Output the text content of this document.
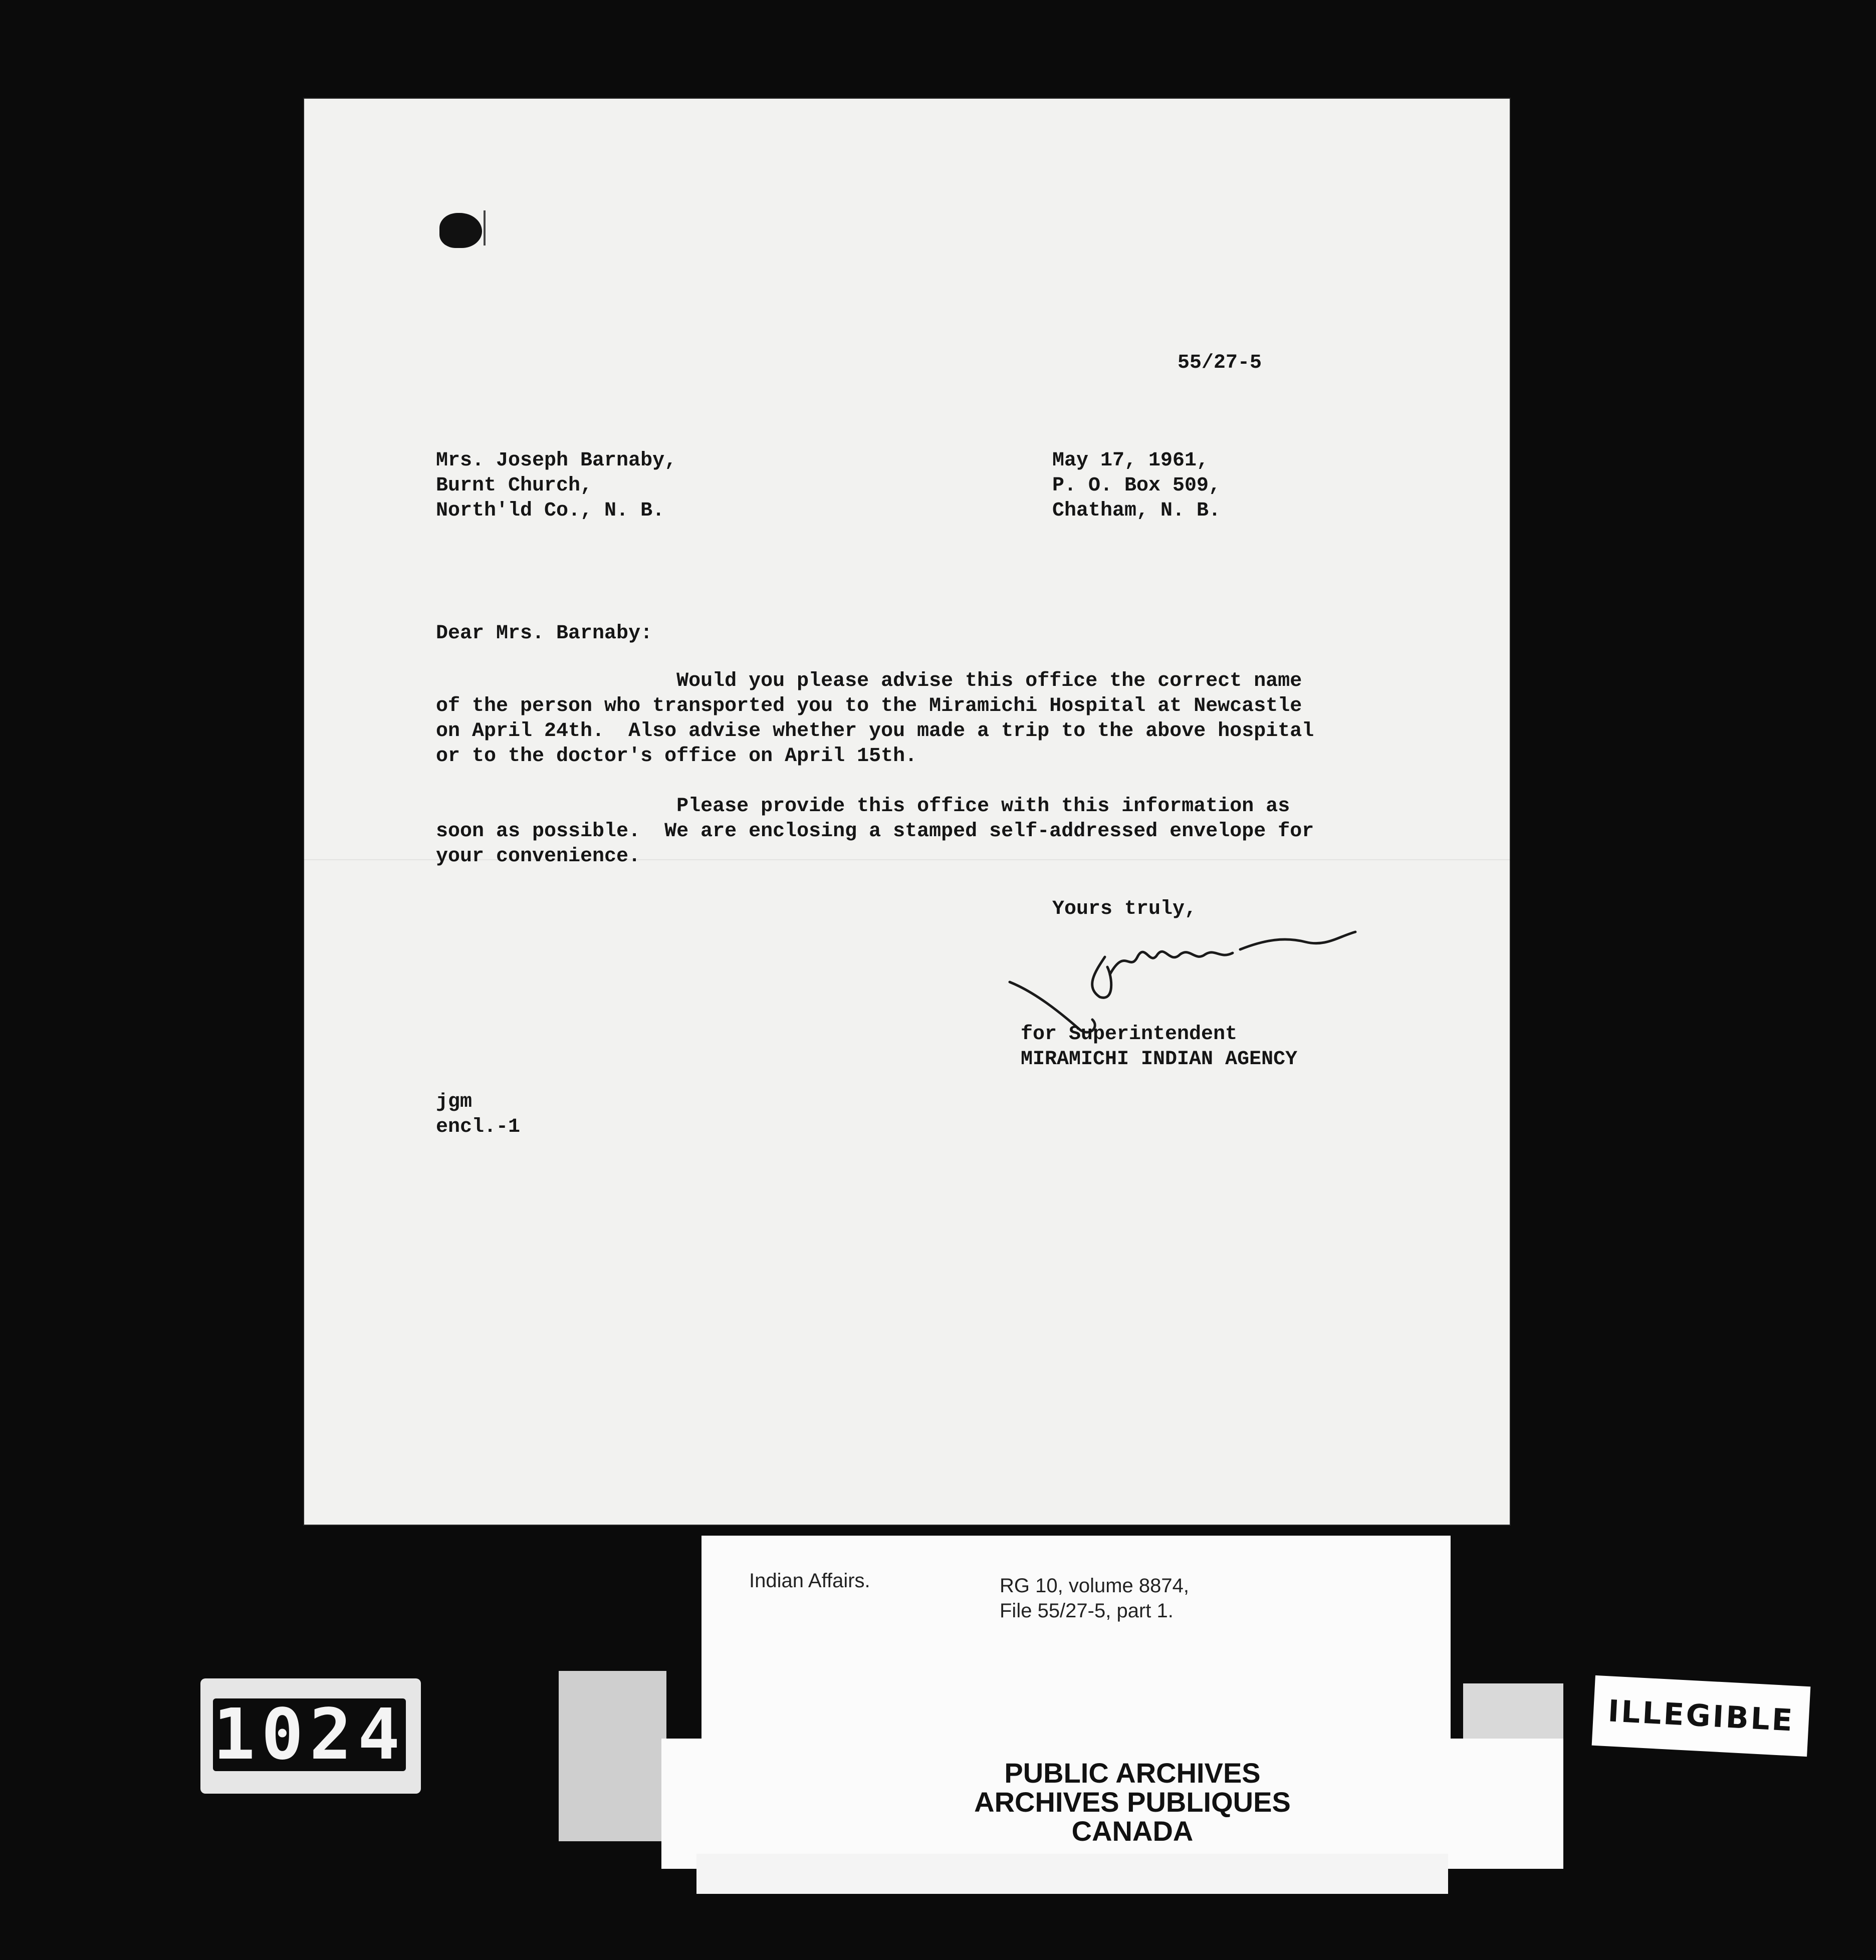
55/27-5
Mrs. Joseph Barnaby,
Burnt Church,
North'ld Co., N. B.
May 17, 1961,
P. O. Box 509,
Chatham, N. B.
Dear Mrs. Barnaby:
Would you please advise this office the correct name
of the person who transported you to the Miramichi Hospital at Newcastle
on April 24th.  Also advise whether you made a trip to the above hospital
or to the doctor's office on April 15th.

Please provide this office with this information as
soon as possible.  We are enclosing a stamped self-addressed envelope for
your convenience.
Yours truly,
for Superintendent
MIRAMICHI INDIAN AGENCY
jgm
encl.-1
1024
Indian Affairs.	RG 10, volume 8874,
File 55/27-5, part 1.
PUBLIC ARCHIVES
ARCHIVES PUBLIQUES
CANADA
ILLEGIBLE
